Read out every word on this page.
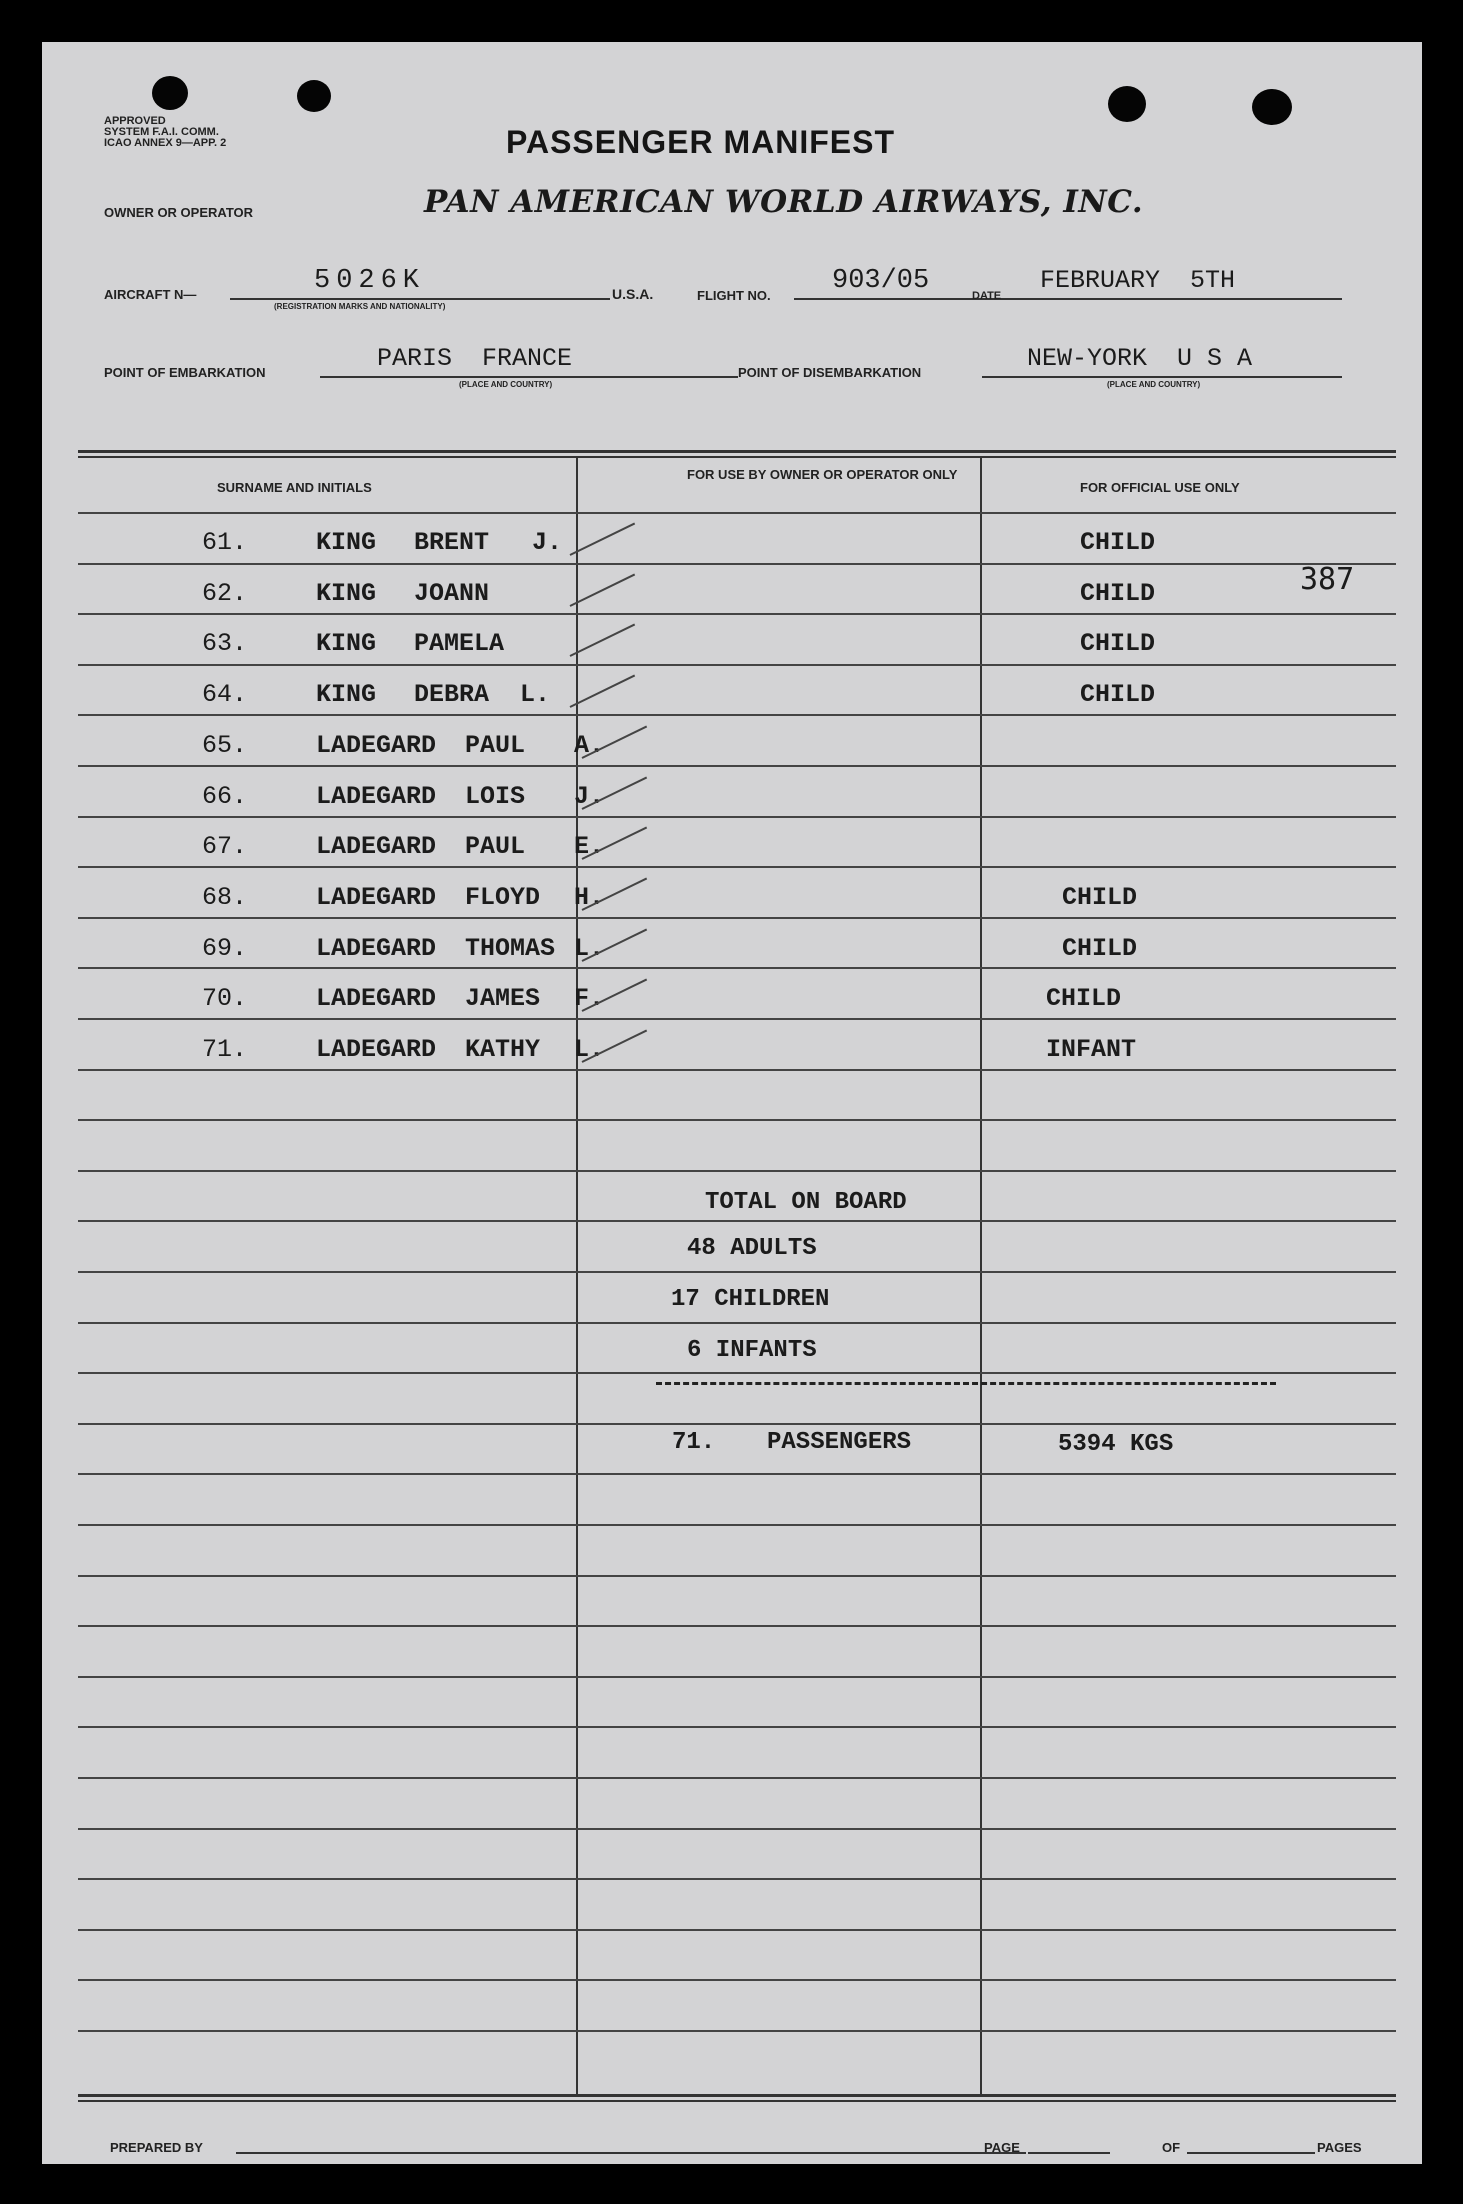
APPROVED
SYSTEM F.A.I. COMM.
ICAO ANNEX 9—APP. 2	PASSENGER MANIFEST
OWNER OR OPERATOR	PAN AMERICAN WORLD AIRWAYS, INC.
AIRCRAFT N—	5026K
(REGISTRATION MARKS AND NATIONALITY)
U.S.A.	FLIGHT NO. 903/05	DATE
FEBRUARY  5TH
POINT OF EMBARKATION	PARIS  FRANCE
(PLACE AND COUNTRY)
POINT OF DISEMBARKATION	NEW-YORK  U S A
(PLACE AND COUNTRY)
SURNAME AND INITIALS
FOR USE BY OWNER OR OPERATOR ONLY
FOR OFFICIAL USE ONLY
61.	KING BRENT J.	CHILD
62.	KING JOANN	CHILD
63.	KING PAMELA	CHILD
64.	KING DEBRA L.	CHILD
65.	LADEGARD PAUL A.
66.	LADEGARD LOIS J.
67.	LADEGARD PAUL E.
68.	LADEGARD FLOYD H.	CHILD
69.	LADEGARD THOMAS L.	CHILD
70.	LADEGARD JAMES F.	CHILD
71.	LADEGARD KATHY L.	INFANT
387
TOTAL ON BOARD
48 ADULTS
17 CHILDREN
6 INFANTS
71. PASSENGERS	5394 KGS
PREPARED BY	PAGE	OF	PAGES
